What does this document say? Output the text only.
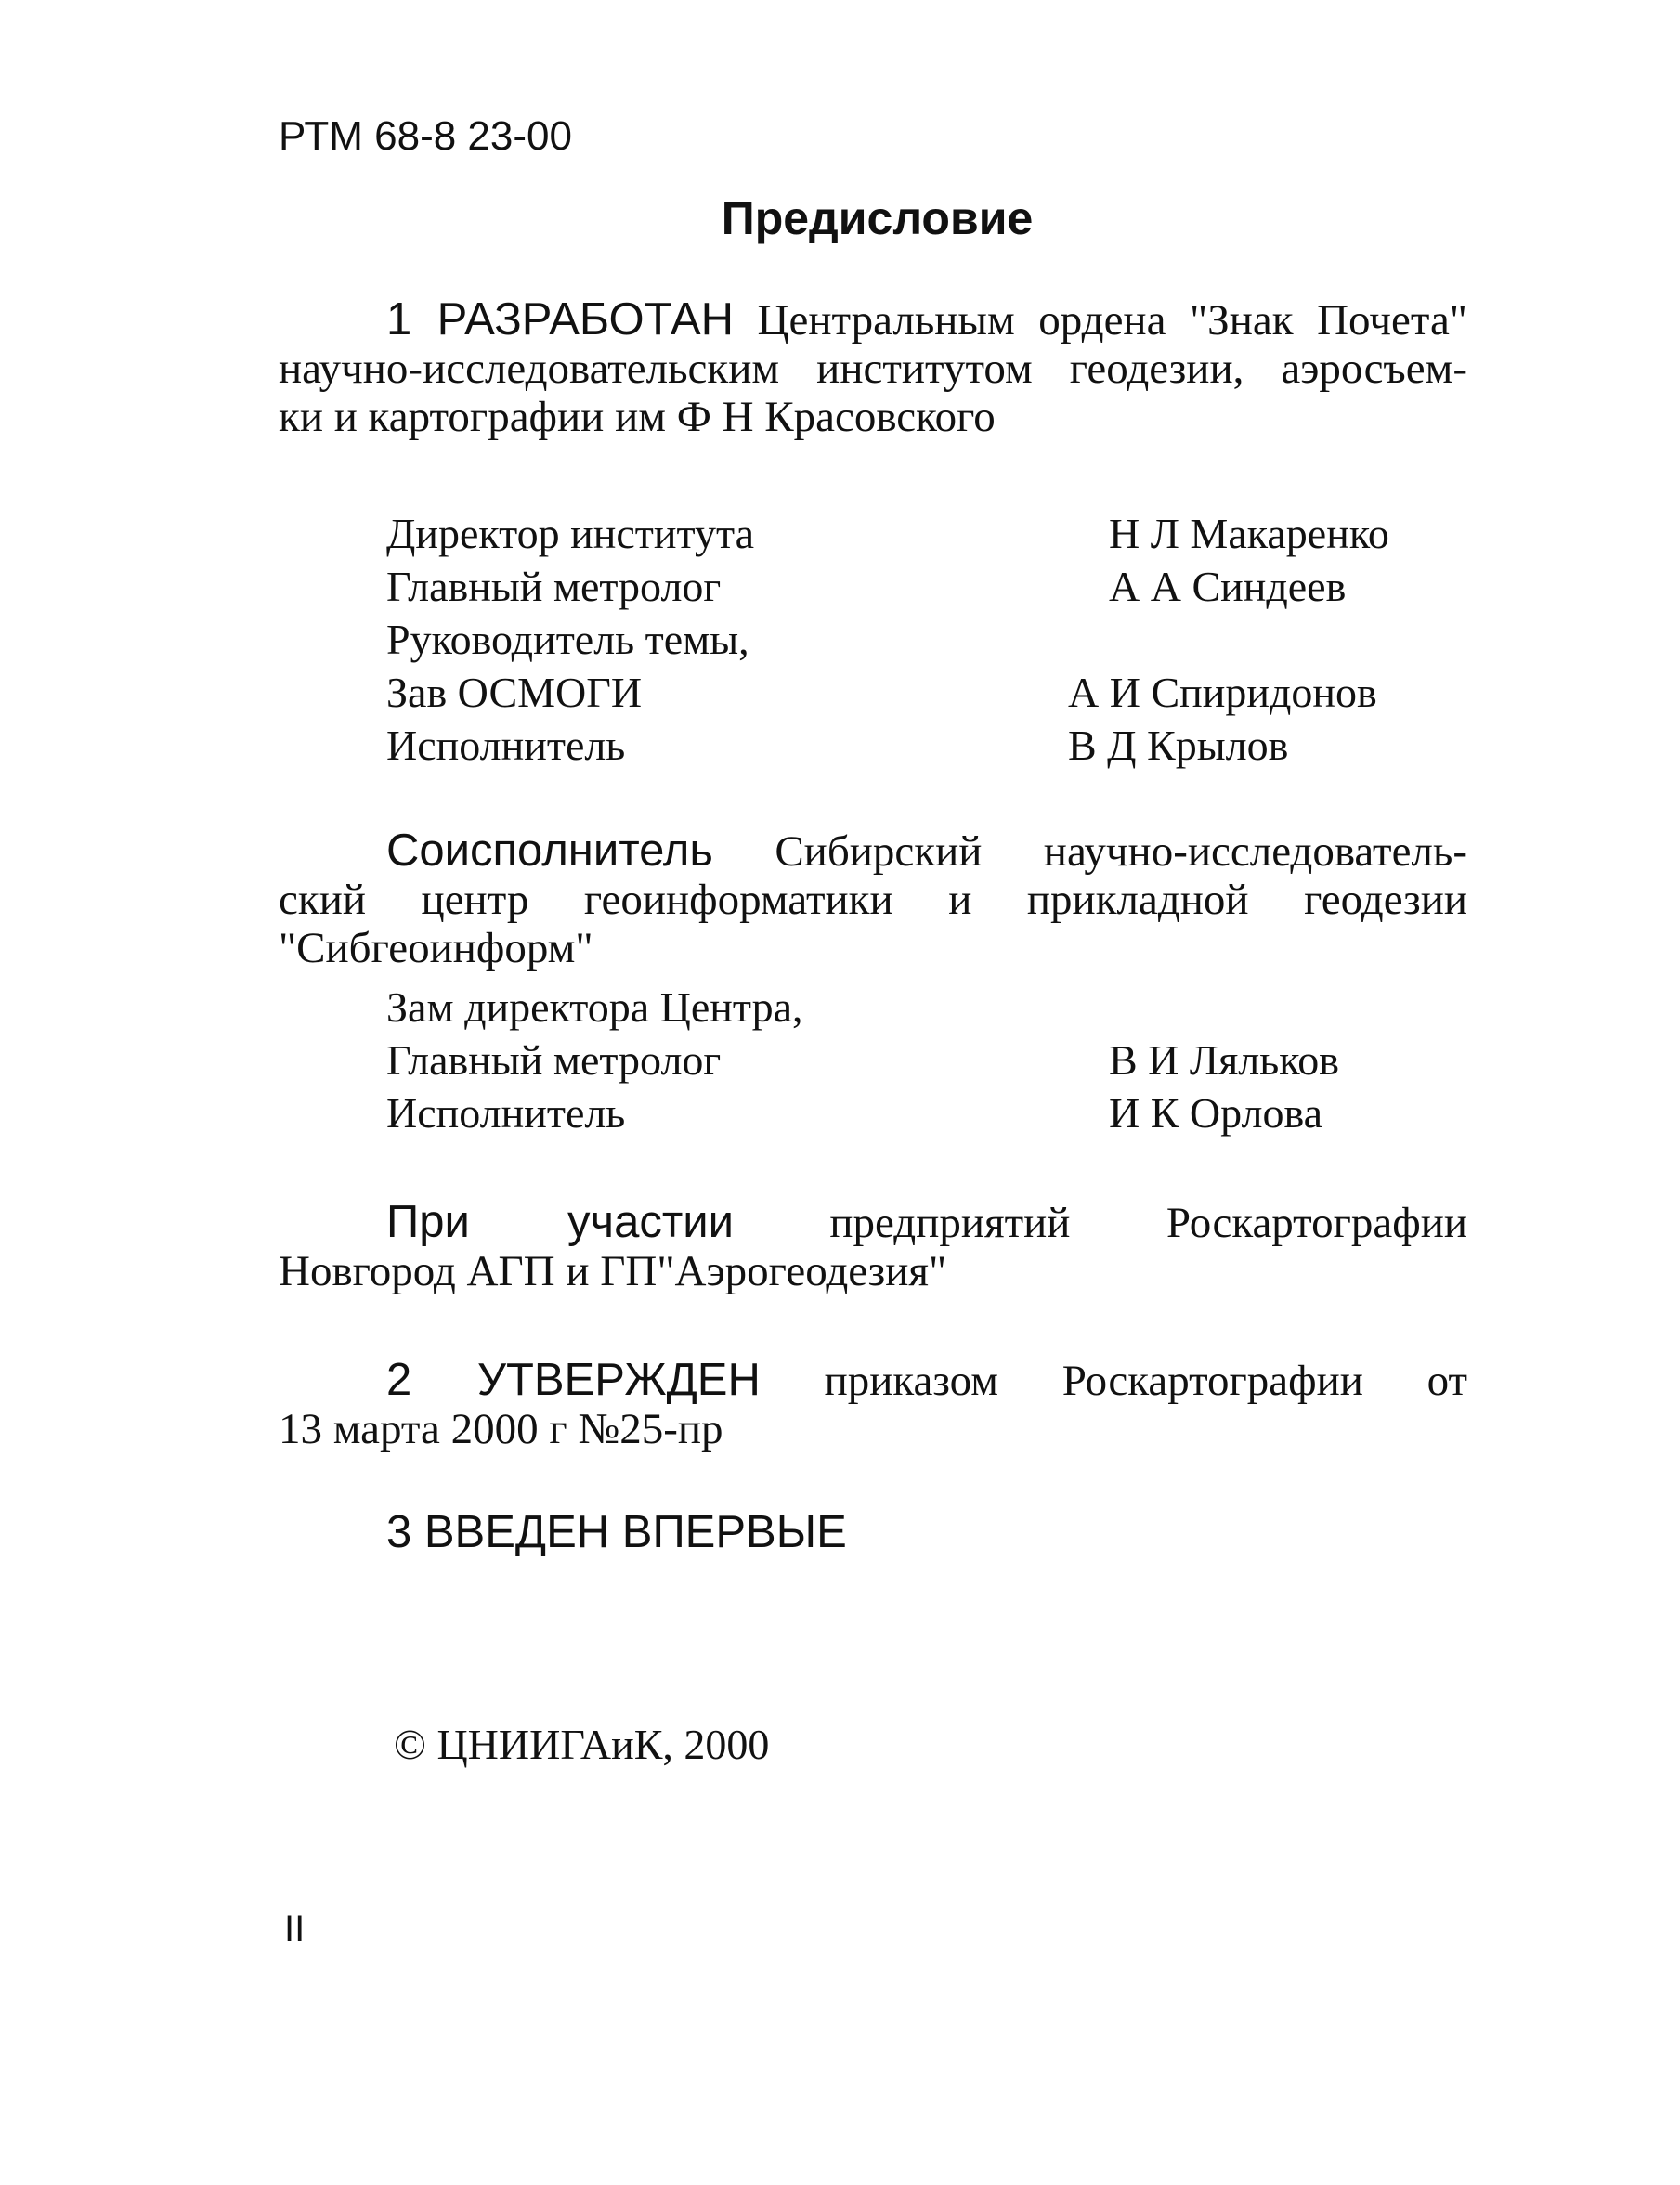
РТМ 68-8 23-00
Предисловие
1 РАЗРАБОТАН Центральным ордена "Знак Почета"
научно-исследовательским институтом геодезии, аэросъем-
ки и картографии им Ф Н Красовского
Директор института	Н Л Макаренко
Главный метролог	А А Синдеев
Руководитель темы,
Зав ОСМОГИ	А И Спиридонов
Исполнитель	В Д Крылов
Соисполнитель Сибирский научно-исследователь-
ский центр геоинформатики и прикладной геодезии
"Сибгеоинформ"
Зам директора Центра,
Главный метролог	В И Ляльков
Исполнитель	И К Орлова
При участии предприятий Роскартографии
Новгород АГП и ГП"Аэрогеодезия"
2 УТВЕРЖДЕН приказом Роскартографии от
13 марта 2000 г №25-пр
3 ВВЕДЕН ВПЕРВЫЕ
© ЦНИИГАиК, 2000
II
